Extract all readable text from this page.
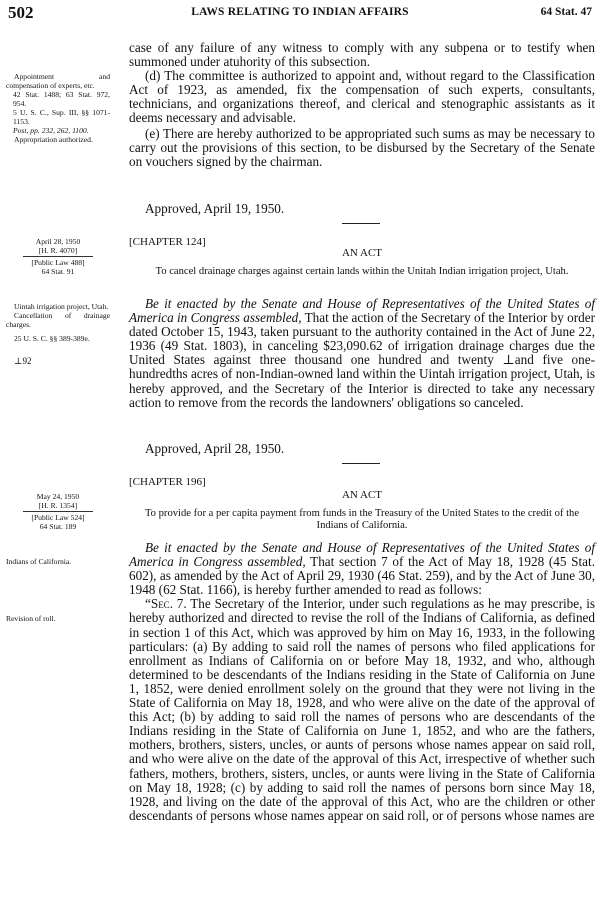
502	LAWS RELATING TO INDIAN AFFAIRS	64 Stat. 47

Appointment and compensation of experts, etc.

42 Stat. 1488; 63 Stat. 972, 954.

5 U. S. C., Sup. III, §§ 1071-1153.

Post, pp. 232, 262, 1100.

Appropriation authorized.

case of any failure of any witness to comply with any subpena or to testify when summoned under atuhority of this subsection.

(d) The committee is authorized to appoint and, without regard to the Classification Act of 1923, as amended, fix the compensation of such experts, consultants, technicians, and organizations thereof, and clerical and stenographic assistants as it deems necessary and advisable.

(e) There are hereby authorized to be appropriated such sums as may be necessary to carry out the provisions of this section, to be disbursed by the Secretary of the Senate on vouchers signed by the chairman.

Approved, April 19, 1950.

April 28, 1950

[H. R. 4070]

[Public Law 488]

64 Stat. 91

[CHAPTER 124]
AN ACT
To cancel drainage charges against certain lands within the Unitah Indian irrigation project, Utah.

Uintah irrigation project, Utah.

Cancellation of drainage charges.

25 U. S. C. §§ 389-389e.

⊥92

Be it enacted by the Senate and House of Representatives of the United States of America in Congress assembled, That the action of the Secretary of the Interior by order dated October 15, 1943, taken pursuant to the authority contained in the Act of June 22, 1936 (49 Stat. 1803), in canceling $23,090.62 of irrigation drainage charges due the United States against three thousand one hundred and twenty ⊥and five one-hundredths acres of non-Indian-owned land within the Uintah irrigation project, Utah, is hereby approved, and the Secretary of the Interior is directed to take any necessary action to remove from the records the landowners' obligations so canceled.

Approved, April 28, 1950.

May 24, 1950

[H. R. 1354]

[Public Law 524]

64 Stat. 189

[CHAPTER 196]
AN ACT
To provide for a per capita payment from funds in the Treasury of the United States to the credit of the Indians of California.

Indians of California.

Revision of roll.

Be it enacted by the Senate and House of Representatives of the United States of America in Congress assembled, That section 7 of the Act of May 18, 1928 (45 Stat. 602), as amended by the Act of April 29, 1930 (46 Stat. 259), and by the Act of June 30, 1948 (62 Stat. 1166), is hereby further amended to read as follows:

“Sec. 7. The Secretary of the Interior, under such regulations as he may prescribe, is hereby authorized and directed to revise the roll of the Indians of California, as defined in section 1 of this Act, which was approved by him on May 16, 1933, in the following particulars: (a) By adding to said roll the names of persons who filed applications for enrollment as Indians of California on or before May 18, 1932, and who, although determined to be descendants of the Indians residing in the State of California on June 1, 1852, were denied enrollment solely on the ground that they were not living in the State of California on May 18, 1928, and who were alive on the date of the approval of this Act; (b) by adding to said roll the names of persons who are descendants of the Indians residing in the State of California on June 1, 1852, and who are the fathers, mothers, brothers, sisters, uncles, or aunts of persons whose names appear on said roll, and who were alive on the date of the approval of this Act, irrespective of whether such fathers, mothers, brothers, sisters, uncles, or aunts were living in the State of California on May 18, 1928; (c) by adding to said roll the names of persons born since May 18, 1928, and living on the date of the approval of this Act, who are the children or other descendants of persons whose names appear on said roll, or of persons whose names are
